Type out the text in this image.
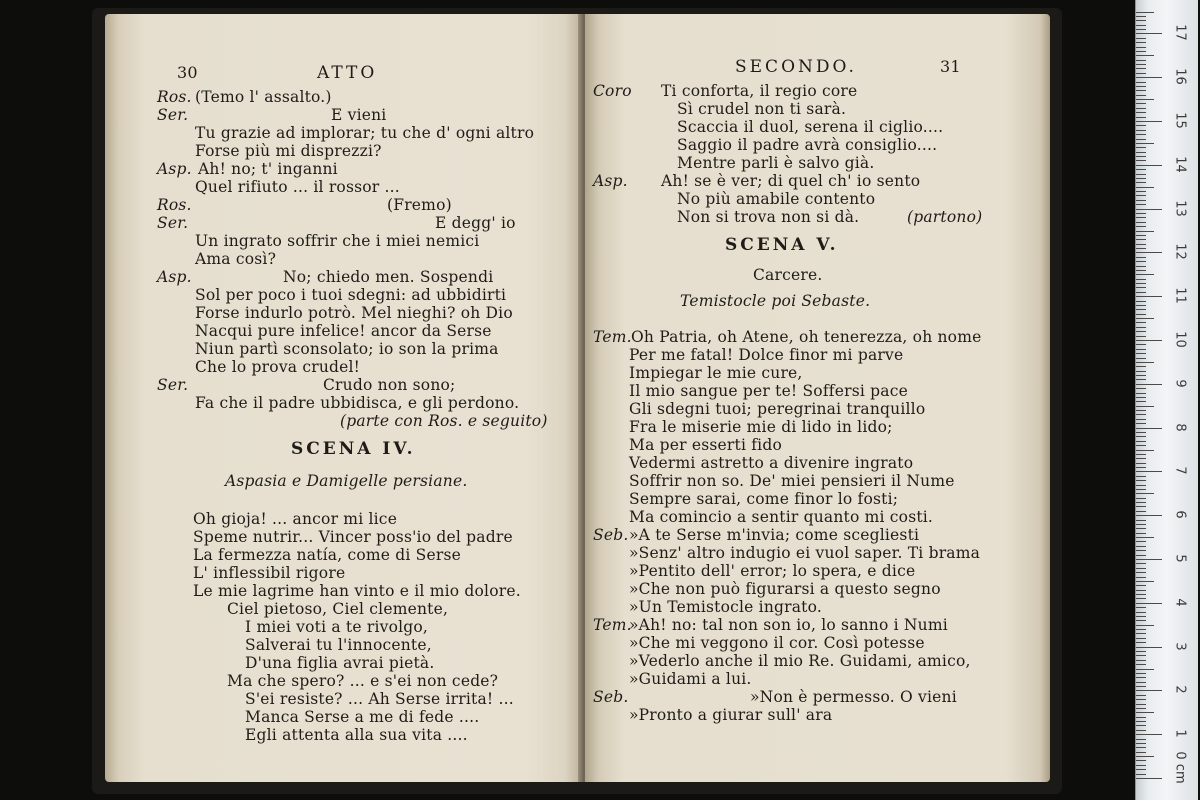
30	ATTO
Ros. (Temo l' assalto.)
Ser.	E vieni
Tu grazie ad implorar; tu che d' ogni altro
Forse più mi disprezzi?
Asp. Ah! no; t' inganni
Quel rifiuto ... il rossor ...
Ros.	(Fremo)
Ser.	E degg' io
Un ingrato soffrir che i miei nemici
Ama così?
Asp.	No; chiedo men. Sospendi
Sol per poco i tuoi sdegni: ad ubbidirti
Forse indurlo potrò. Mel nieghi? oh Dio
Nacqui pure infelice! ancor da Serse
Niun partì sconsolato; io son la prima
Che lo prova crudel!
Ser.	Crudo non sono;
Fa che il padre ubbidisca, e gli perdono.
(parte con Ros. e seguito)
SCENA IV.
Aspasia e Damigelle persiane.
Oh gioja! ... ancor mi lice
Speme nutrir... Vincer poss'io del padre
La fermezza natía, come di Serse
L' inflessibil rigore
Le mie lagrime han vinto e il mio dolore.
Ciel pietoso, Ciel clemente,
I miei voti a te rivolgo,
Salverai tu l'innocente,
D'una figlia avrai pietà.
Ma che spero? ... e s'ei non cede?
S'ei resiste? ... Ah Serse irrita! ...
Manca Serse a me di fede ....
Egli attenta alla sua vita ....
SECONDO.	31
Coro Ti conforta, il regio core
Sì crudel non ti sarà.
Scaccia il duol, serena il ciglio....
Saggio il padre avrà consiglio....
Mentre parli è salvo già.
Asp. Ah! se è ver; di quel ch' io sento
No più amabile contento
Non si trova non si dà.	(partono)
SCENA V.
Carcere.
Temistocle poi Sebaste.
Tem. Oh Patria, oh Atene, oh tenerezza, oh nome
Per me fatal! Dolce finor mi parve
Impiegar le mie cure,
Il mio sangue per te! Soffersi pace
Gli sdegni tuoi; peregrinai tranquillo
Fra le miserie mie di lido in lido;
Ma per esserti fido
Vedermi astretto a divenire ingrato
Soffrir non so. De' miei pensieri il Nume
Sempre sarai, come finor lo fosti;
Ma comincio a sentir quanto mi costi.
Seb. »A te Serse m'invia; come scegliesti
»Senz' altro indugio ei vuol saper. Ti brama
»Pentito dell' error; lo spera, e dice
»Che non può figurarsi a questo segno
»Un Temistocle ingrato.
Tem.
»Ah! no: tal non son io, lo sanno i Numi
»Che mi veggono il cor. Così potesse
»Vederlo anche il mio Re. Guidami, amico,
»Guidami a lui.
Seb.	»Non è permesso. O vieni
»Pronto a giurar sull' ara
0 cm
1
2
3
4
5
6
7
8
9
10
11
12
13
14
15
16
17
